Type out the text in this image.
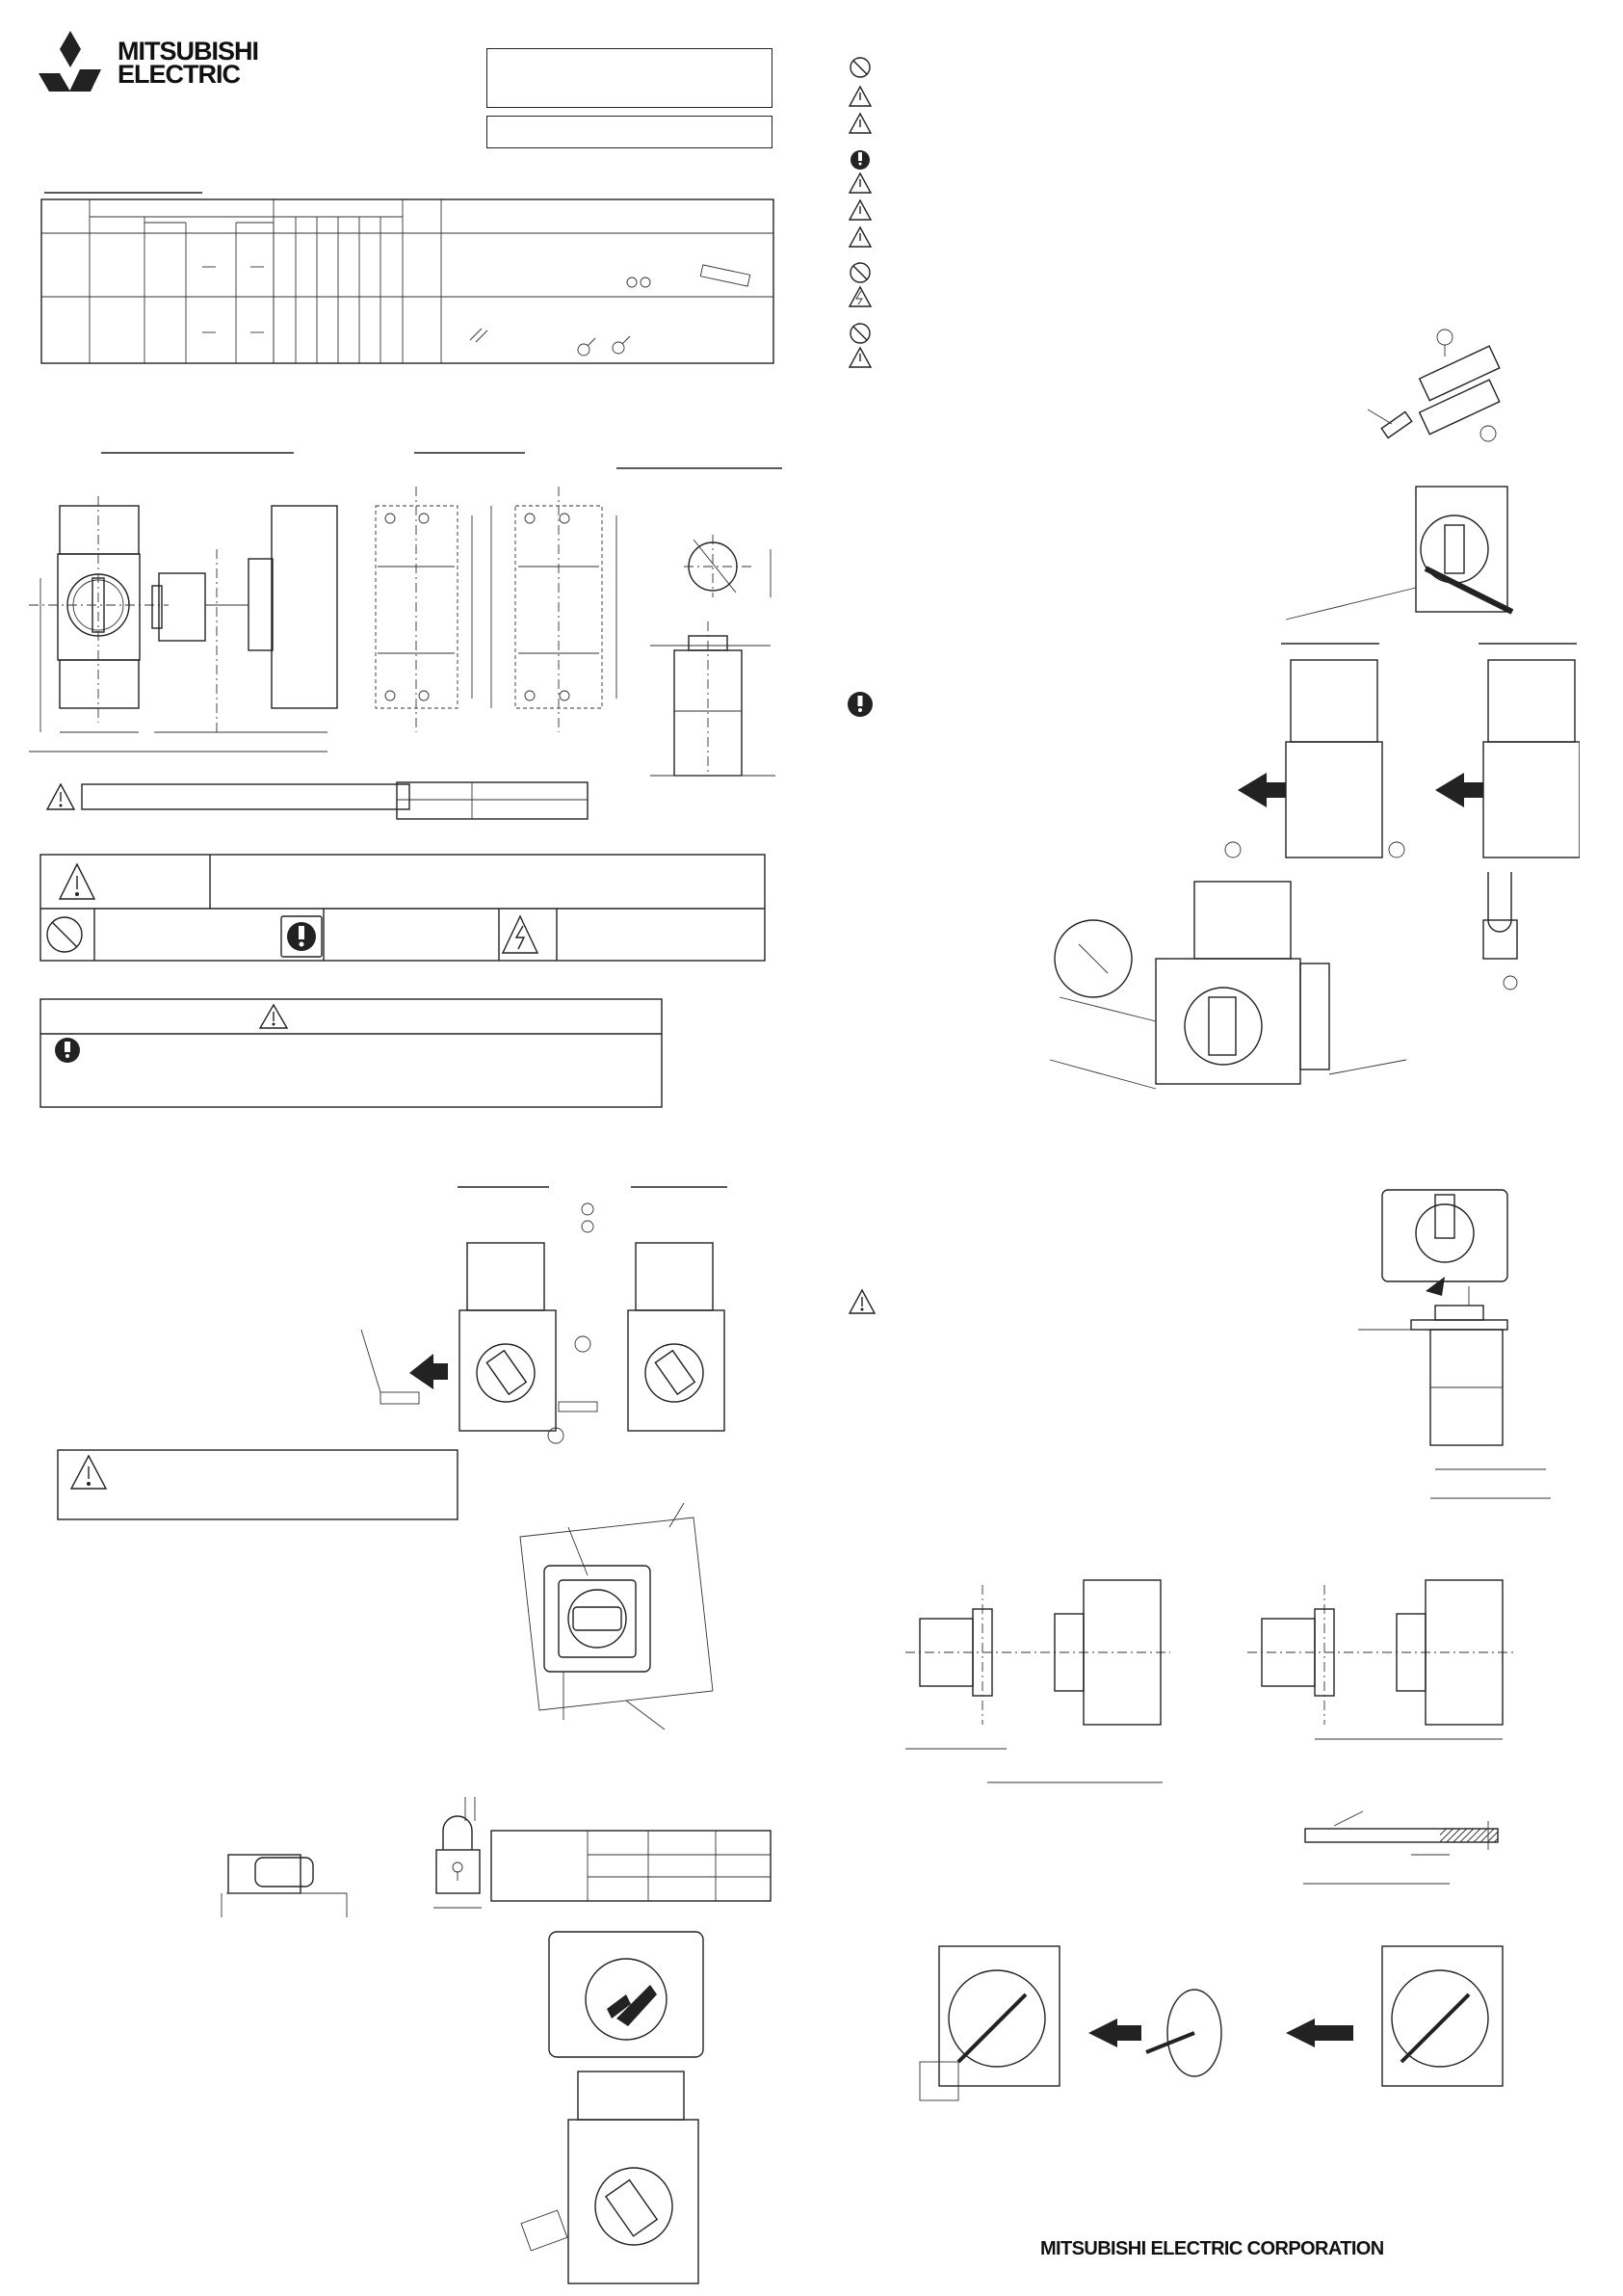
MITSUBISHI
ELECTRIC
MITSUBISHI ELECTRIC CORPORATION
